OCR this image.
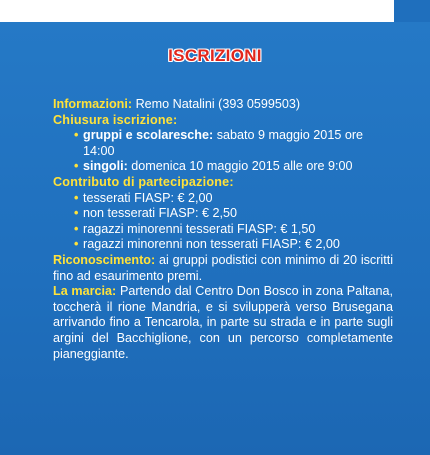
ISCRIZIONI

Informazioni: Remo Natalini (393 0599503)

Chiusura iscrizione:

• gruppi e scolaresche: sabato 9 maggio 2015 ore 14:00
• singoli: domenica 10 maggio 2015 alle ore 9:00

Contributo di partecipazione:

• tesserati FIASP: € 2,00
• non tesserati FIASP: € 2,50
• ragazzi minorenni tesserati FIASP: € 1,50
• ragazzi minorenni non tesserati FIASP: € 2,00

Riconoscimento: ai gruppi podistici con minimo di 20 iscritti fino ad esaurimento premi.

La marcia: Partendo dal Centro Don Bosco in zona Paltana, toccherà il rione Mandria, e si svilupperà verso Brusegana arrivando fino a Tencarola, in parte su strada e in parte sugli argini del Bacchiglione, con un percorso completamente pianeggiante.
